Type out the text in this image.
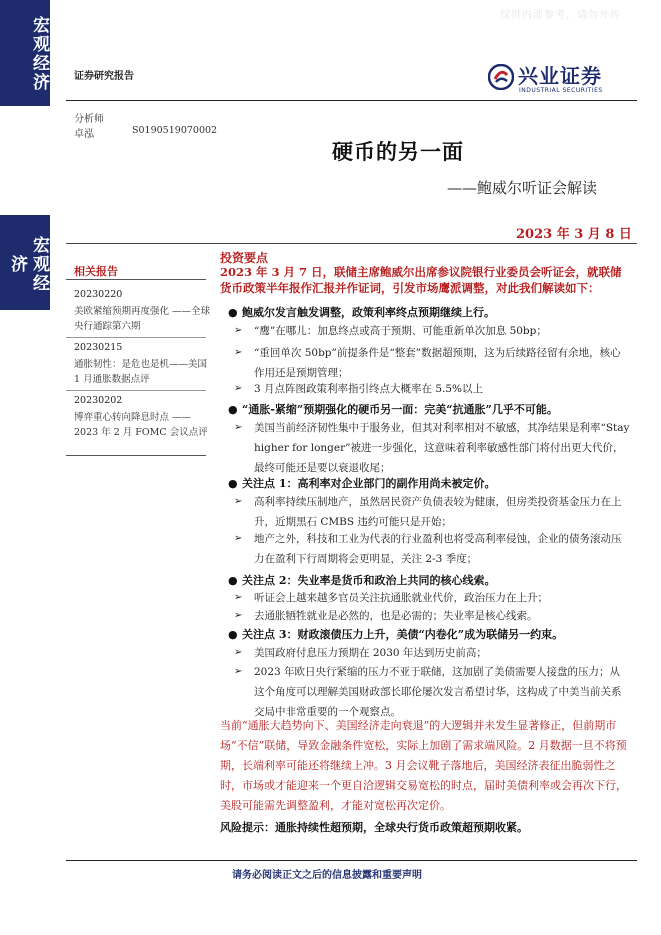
宏观经济
宏观经济
仅供内部参考，请勿外传
证券研究报告	兴业证券
INDUSTRIAL SECURITIES
分析师
卓泓	S0190519070002
硬币的另一面
——鲍威尔听证会解读
2023 年 3 月 8 日
相关报告
20230220
美欧紧缩预期再度强化 ——全球央行通踪第六期
20230215
通胀韧性：是危也是机——美国 1 月通胀数据点评
20230202
博弈重心转向降息时点 ——2023 年 2 月 FOMC 会议点评
投资要点
2023 年 3 月 7 日，联储主席鲍威尔出席参议院银行业委员会听证会，就联储货币政策半年报作汇报并作证词，引发市场鹰派调整，对此我们解读如下：
● 鲍威尔发言触发调整，政策利率终点预期继续上行。
➢ “鹰”在哪儿：加息终点或高于预期、可能重新单次加息 50bp；
➢ “重回单次 50bp”前提条件是“整套”数据超预期，这为后续路径留有余地，核心作用还是预期管理；
➢ 3 月点阵图政策利率指引终点大概率在 5.5%以上
● “通胀-紧缩”预期强化的硬币另一面：完美“抗通胀”几乎不可能。
➢ 美国当前经济韧性集中于服务业，但其对利率相对不敏感，其净结果是利率“Stay higher for longer”被进一步强化，这意味着利率敏感性部门将付出更大代价，最终可能还是要以衰退收尾；
● 关注点 1：高利率对企业部门的副作用尚未被定价。
➢ 高利率持续压制地产，虽然居民资产负债表较为健康，但房类投资基金压力在上升，近期黑石 CMBS 违约可能只是开始；
➢ 地产之外，科技和工业为代表的行业盈利也将受高利率侵蚀，企业的债务滚动压力在盈利下行周期将会更明显，关注 2-3 季度；
● 关注点 2：失业率是货币和政治上共同的核心线索。
➢ 听证会上越来越多官员关注抗通胀就业代价，政治压力在上升；
➢ 去通胀牺牲就业是必然的，也是必需的；失业率是核心线索。
● 关注点 3：财政滚债压力上升，美债“内卷化”成为联储另一约束。
➢ 美国政府付息压力预期在 2030 年达到历史前高；
➢ 2023 年欧日央行紧缩的压力不亚于联储，这加剧了美债需要人接盘的压力；从这个角度可以理解美国财政部长耶伦屡次发言希望讨华，这构成了中美当前关系交局中非常重要的一个观察点。
当前“通胀大趋势向下、美国经济走向衰退”的大逻辑并未发生显著修正，但前期市场“不信”联储，导致金融条件宽松，实际上加剧了需求端风险。2 月数据一旦不将预期，长端利率可能还将继续上冲。3 月会议靴子落地后，美国经济表征出脆弱性之时，市场或才能迎来一个更自洽逻辑交易宽松的时点，届时美债利率或会再次下行，美股可能需先调整盈利，才能对宽松再次定价。
风险提示：通胀持续性超预期，全球央行货币政策超预期收紧。
请务必阅读正文之后的信息披露和重要声明
